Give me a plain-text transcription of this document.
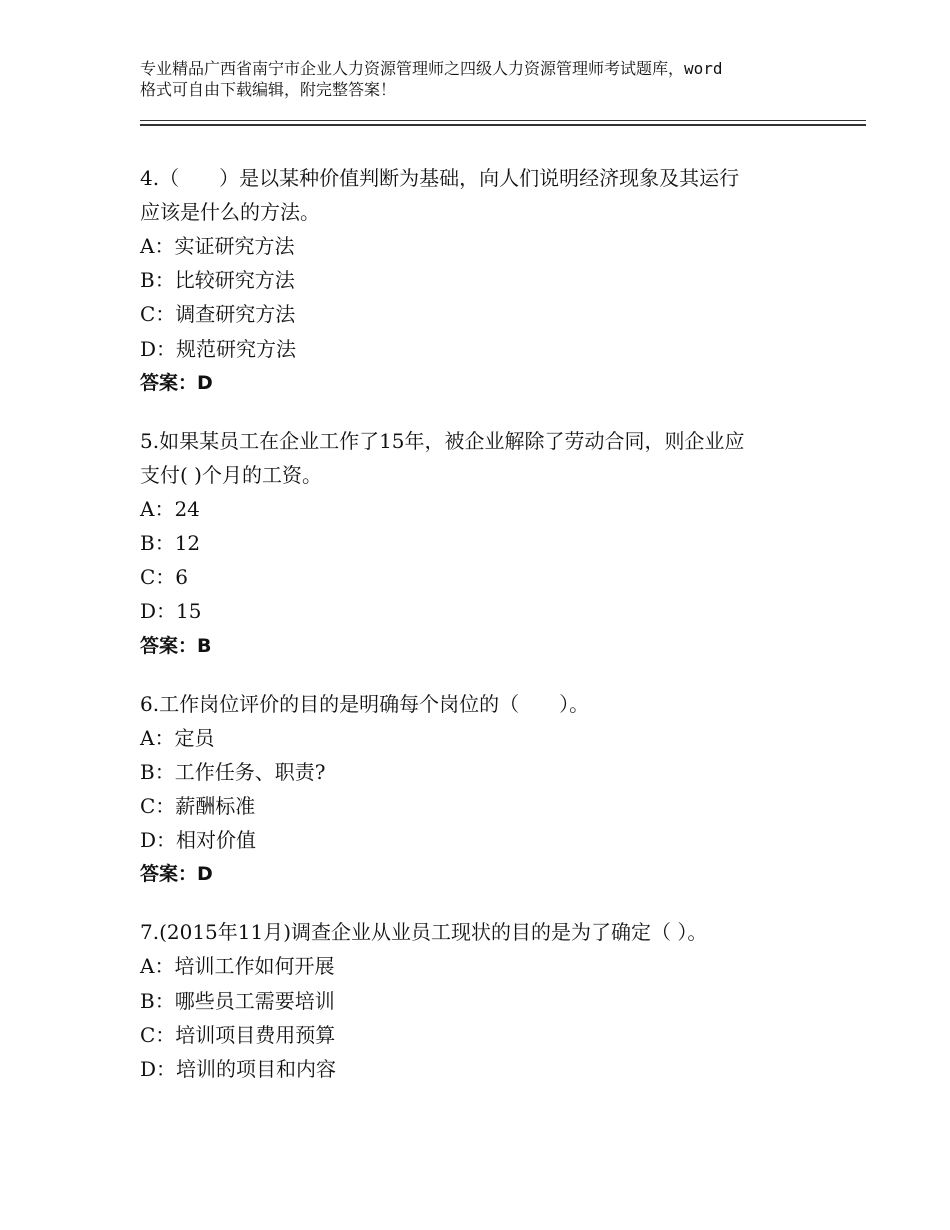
专业精品广西省南宁市企业人力资源管理师之四级人力资源管理师考试题库，word
格式可自由下载编辑，附完整答案！
4.（　　）是以某种价值判断为基础，向人们说明经济现象及其运行
应该是什么的方法。
A：实证研究方法
B：比较研究方法
C：调查研究方法
D：规范研究方法
答案：D
5.如果某员工在企业工作了15年，被企业解除了劳动合同，则企业应
支付( )个月的工资。
A：24
B：12
C：6
D：15
答案：B
6.工作岗位评价的目的是明确每个岗位的（　　）。
A：定员
B：工作任务、职责?
C：薪酬标准
D：相对价值
答案：D
7.(2015年11月)调查企业从业员工现状的目的是为了确定（ ）。
A：培训工作如何开展
B：哪些员工需要培训
C：培训项目费用预算
D：培训的项目和内容
